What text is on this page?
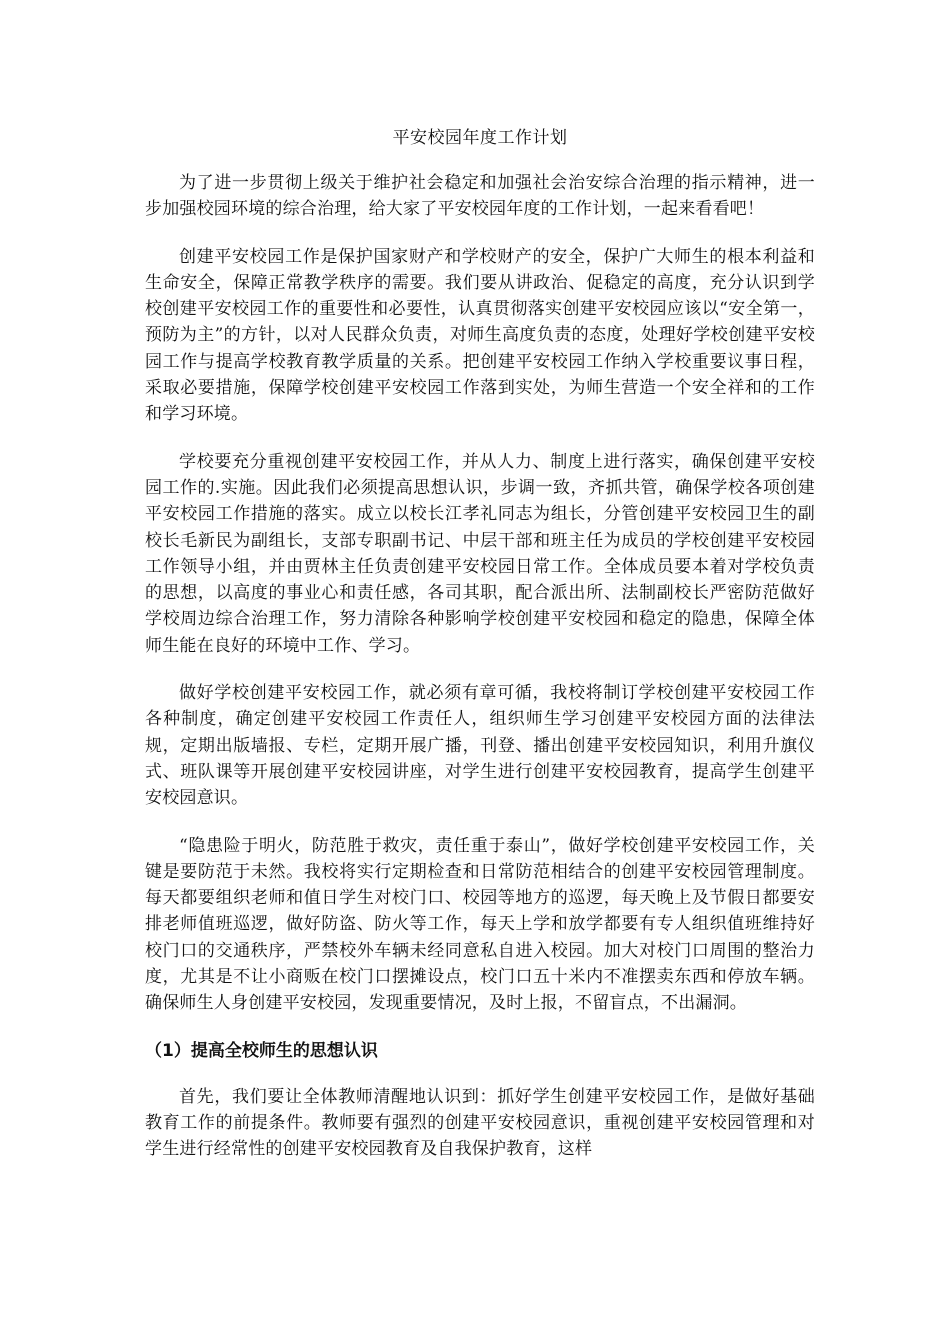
平安校园年度工作计划

为了进一步贯彻上级关于维护社会稳定和加强社会治安综合治理的指示精神，进一步加强校园环境的综合治理，给大家了平安校园年度的工作计划，一起来看看吧！

创建平安校园工作是保护国家财产和学校财产的安全，保护广大师生的根本利益和生命安全，保障正常教学秩序的需要。我们要从讲政治、促稳定的高度，充分认识到学校创建平安校园工作的重要性和必要性，认真贯彻落实创建平安校园应该以“安全第一，预防为主”的方针，以对人民群众负责，对师生高度负责的态度，处理好学校创建平安校园工作与提高学校教育教学质量的关系。把创建平安校园工作纳入学校重要议事日程，采取必要措施，保障学校创建平安校园工作落到实处，为师生营造一个安全祥和的工作和学习环境。

学校要充分重视创建平安校园工作，并从人力、制度上进行落实，确保创建平安校园工作的.实施。因此我们必须提高思想认识，步调一致，齐抓共管，确保学校各项创建平安校园工作措施的落实。成立以校长江孝礼同志为组长，分管创建平安校园卫生的副校长毛新民为副组长，支部专职副书记、中层干部和班主任为成员的学校创建平安校园工作领导小组，并由贾林主任负责创建平安校园日常工作。全体成员要本着对学校负责的思想，以高度的事业心和责任感，各司其职，配合派出所、法制副校长严密防范做好学校周边综合治理工作，努力清除各种影响学校创建平安校园和稳定的隐患，保障全体师生能在良好的环境中工作、学习。

做好学校创建平安校园工作，就必须有章可循，我校将制订学校创建平安校园工作各种制度，确定创建平安校园工作责任人，组织师生学习创建平安校园方面的法律法规，定期出版墙报、专栏，定期开展广播，刊登、播出创建平安校园知识，利用升旗仪式、班队课等开展创建平安校园讲座，对学生进行创建平安校园教育，提高学生创建平安校园意识。

“隐患险于明火，防范胜于救灾，责任重于泰山”，做好学校创建平安校园工作，关键是要防范于未然。我校将实行定期检查和日常防范相结合的创建平安校园管理制度。每天都要组织老师和值日学生对校门口、校园等地方的巡逻，每天晚上及节假日都要安排老师值班巡逻，做好防盗、防火等工作，每天上学和放学都要有专人组织值班维持好校门口的交通秩序，严禁校外车辆未经同意私自进入校园。加大对校门口周围的整治力度，尤其是不让小商贩在校门口摆摊设点，校门口五十米内不准摆卖东西和停放车辆。确保师生人身创建平安校园，发现重要情况，及时上报，不留盲点，不出漏洞。

（1）提高全校师生的思想认识

首先，我们要让全体教师清醒地认识到：抓好学生创建平安校园工作，是做好基础教育工作的前提条件。教师要有强烈的创建平安校园意识，重视创建平安校园管理和对学生进行经常性的创建平安校园教育及自我保护教育，这样
